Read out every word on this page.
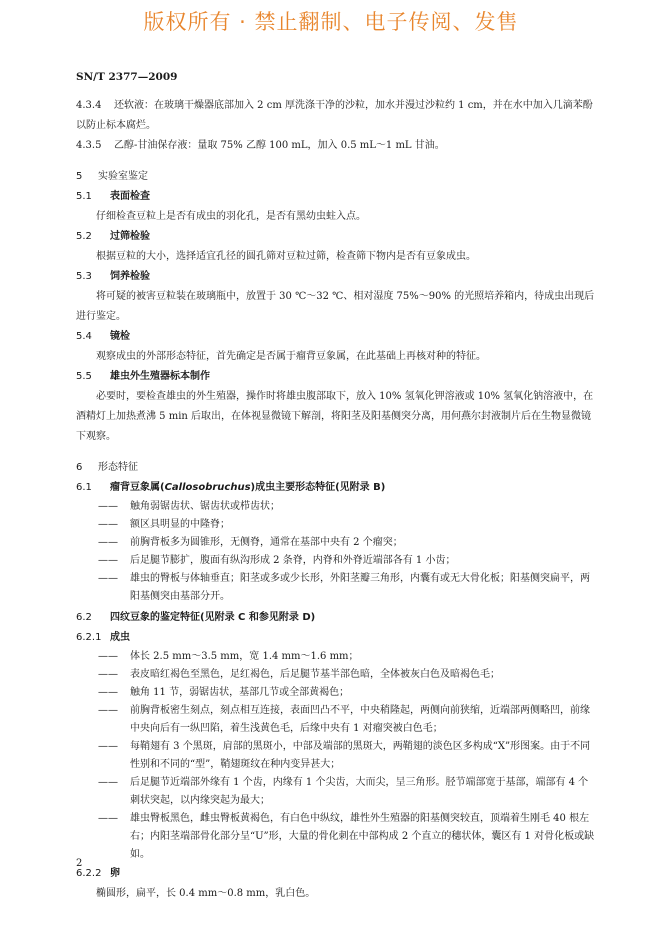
版权所有 · 禁止翻制、电子传阅、发售
SN/T 2377—2009

4.3.4 还软液：在玻璃干燥器底部加入 2 cm 厚洗涤干净的沙粒，加水并漫过沙粒约 1 cm，并在水中加入几滴苯酚以防止标本腐烂。

4.3.5 乙醇-甘油保存液：量取 75% 乙醇 100 mL，加入 0.5 mL～1 mL 甘油。

5 实验室鉴定
5.1 表面检查

仔细检查豆粒上是否有成虫的羽化孔，是否有黑幼虫蛀入点。

5.2 过筛检验

根据豆粒的大小，选择适宜孔径的圆孔筛对豆粒过筛，检查筛下物内是否有豆象成虫。

5.3 饲养检验

将可疑的被害豆粒装在玻璃瓶中，放置于 30 ℃～32 ℃、相对湿度 75%～90% 的光照培养箱内，待成虫出现后进行鉴定。

5.4 镜检

观察成虫的外部形态特征，首先确定是否属于瘤背豆象属，在此基础上再核对种的特征。

5.5 雄虫外生殖器标本制作

必要时，要检查雄虫的外生殖器，操作时将雄虫腹部取下，放入 10% 氢氧化钾溶液或 10% 氢氧化钠溶液中，在酒精灯上加热煮沸 5 min 后取出，在体视显微镜下解剖，将阳茎及阳基侧突分离，用何燕尔封液制片后在生物显微镜下观察。

6 形态特征
6.1 瘤背豆象属(Callosobruchus)成虫主要形态特征(见附录 B)
—— 触角弱锯齿状、锯齿状或栉齿状；
—— 额区具明显的中隆脊；
—— 前胸背板多为圆锥形，无侧脊，通常在基部中央有 2 个瘤突；
—— 后足腿节膨扩，腹面有纵沟形成 2 条脊，内脊和外脊近端部各有 1 小齿；
—— 雄虫的臀板与体轴垂直；阳茎或多或少长形，外阳茎瓣三角形，内囊有或无大骨化板；阳基侧突扁平，两阳基侧突由基部分开。
6.2 四纹豆象的鉴定特征(见附录 C 和参见附录 D)
6.2.1 成虫
—— 体长 2.5 mm～3.5 mm，宽 1.4 mm～1.6 mm；
—— 表皮暗红褐色至黑色，足红褐色，后足腿节基半部色暗，全体被灰白色及暗褐色毛；
—— 触角 11 节，弱锯齿状，基部几节或全部黄褐色；
—— 前胸背板密生刻点，刻点相互连接，表面凹凸不平，中央稍隆起，两侧向前狭缩，近端部两侧略凹，前缘中央向后有一纵凹陷，着生浅黄色毛，后缘中央有 1 对瘤突被白色毛；
—— 每鞘翅有 3 个黑斑，肩部的黑斑小，中部及端部的黑斑大，两鞘翅的淡色区多构成“X”形图案。由于不同性别和不同的“型”，鞘翅斑纹在种内变异甚大；
—— 后足腿节近端部外缘有 1 个齿，内缘有 1 个尖齿，大而尖，呈三角形。胫节端部宽于基部，端部有 4 个刺状突起，以内缘突起为最大；
—— 雄虫臀板黑色，雌虫臀板黄褐色，有白色中纵纹，雄性外生殖器的阳基侧突较直，顶端着生刚毛 40 根左右；内阳茎端部骨化部分呈“U”形，大量的骨化刺在中部构成 2 个直立的穗状体，囊区有 1 对骨化板或缺如。
6.2.2 卵

椭圆形，扁平，长 0.4 mm～0.8 mm，乳白色。

2
